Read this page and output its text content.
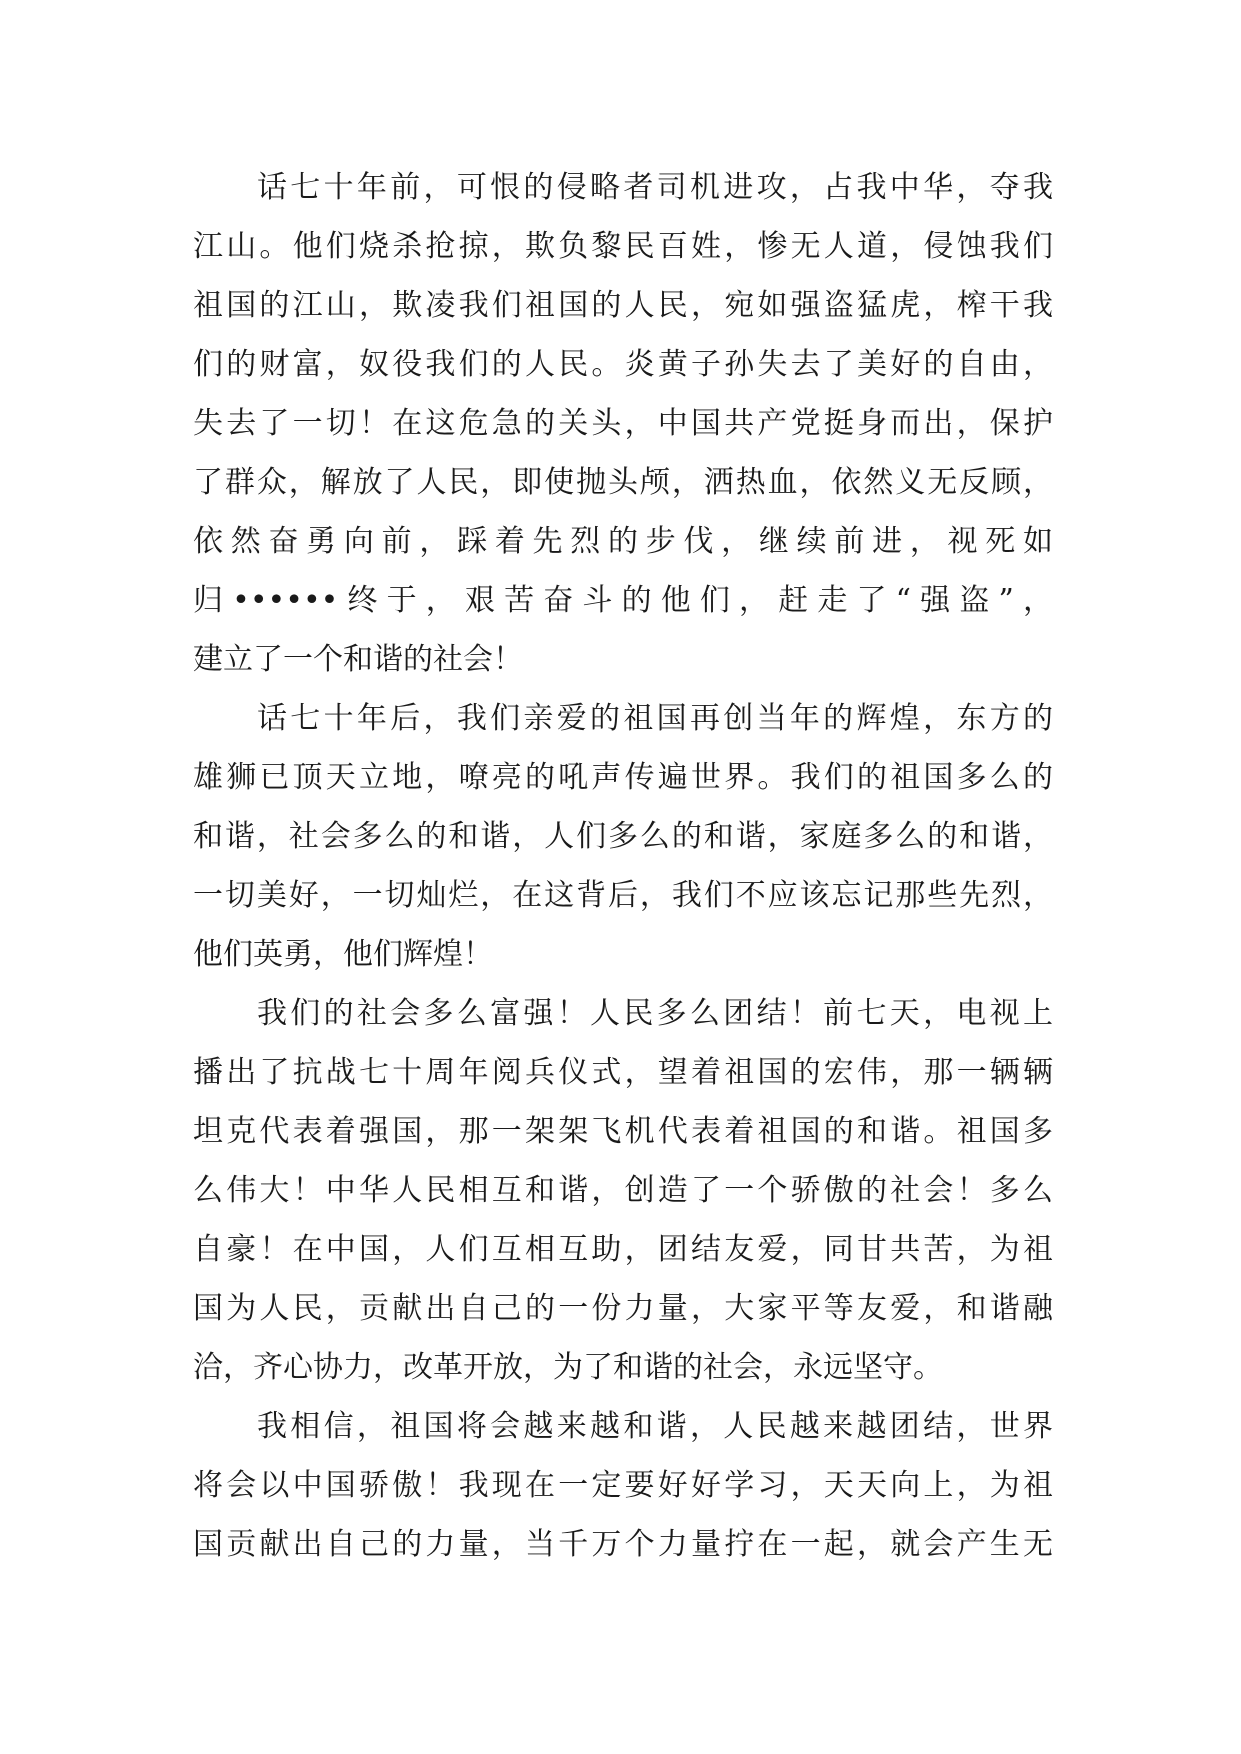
话七十年前，可恨的侵略者司机进攻，占我中华，夺我
江山。他们烧杀抢掠，欺负黎民百姓，惨无人道，侵蚀我们
祖国的江山，欺凌我们祖国的人民，宛如强盗猛虎，榨干我
们的财富，奴役我们的人民。炎黄子孙失去了美好的自由，
失去了一切！在这危急的关头，中国共产党挺身而出，保护
了群众，解放了人民，即使抛头颅，洒热血，依然义无反顾，
依然奋勇向前，踩着先烈的步伐，继续前进，视死如
归••••••终于，艰苦奋斗的他们，赶走了“强盗”，
建立了一个和谐的社会！
话七十年后，我们亲爱的祖国再创当年的辉煌，东方的
雄狮已顶天立地，嘹亮的吼声传遍世界。我们的祖国多么的
和谐，社会多么的和谐，人们多么的和谐，家庭多么的和谐，
一切美好，一切灿烂，在这背后，我们不应该忘记那些先烈，
他们英勇，他们辉煌！
我们的社会多么富强！人民多么团结！前七天，电视上
播出了抗战七十周年阅兵仪式，望着祖国的宏伟，那一辆辆
坦克代表着强国，那一架架飞机代表着祖国的和谐。祖国多
么伟大！中华人民相互和谐，创造了一个骄傲的社会！多么
自豪！在中国，人们互相互助，团结友爱，同甘共苦，为祖
国为人民，贡献出自己的一份力量，大家平等友爱，和谐融
洽，齐心协力，改革开放，为了和谐的社会，永远坚守。
我相信，祖国将会越来越和谐，人民越来越团结，世界
将会以中国骄傲！我现在一定要好好学习，天天向上，为祖
国贡献出自己的力量，当千万个力量拧在一起，就会产生无
